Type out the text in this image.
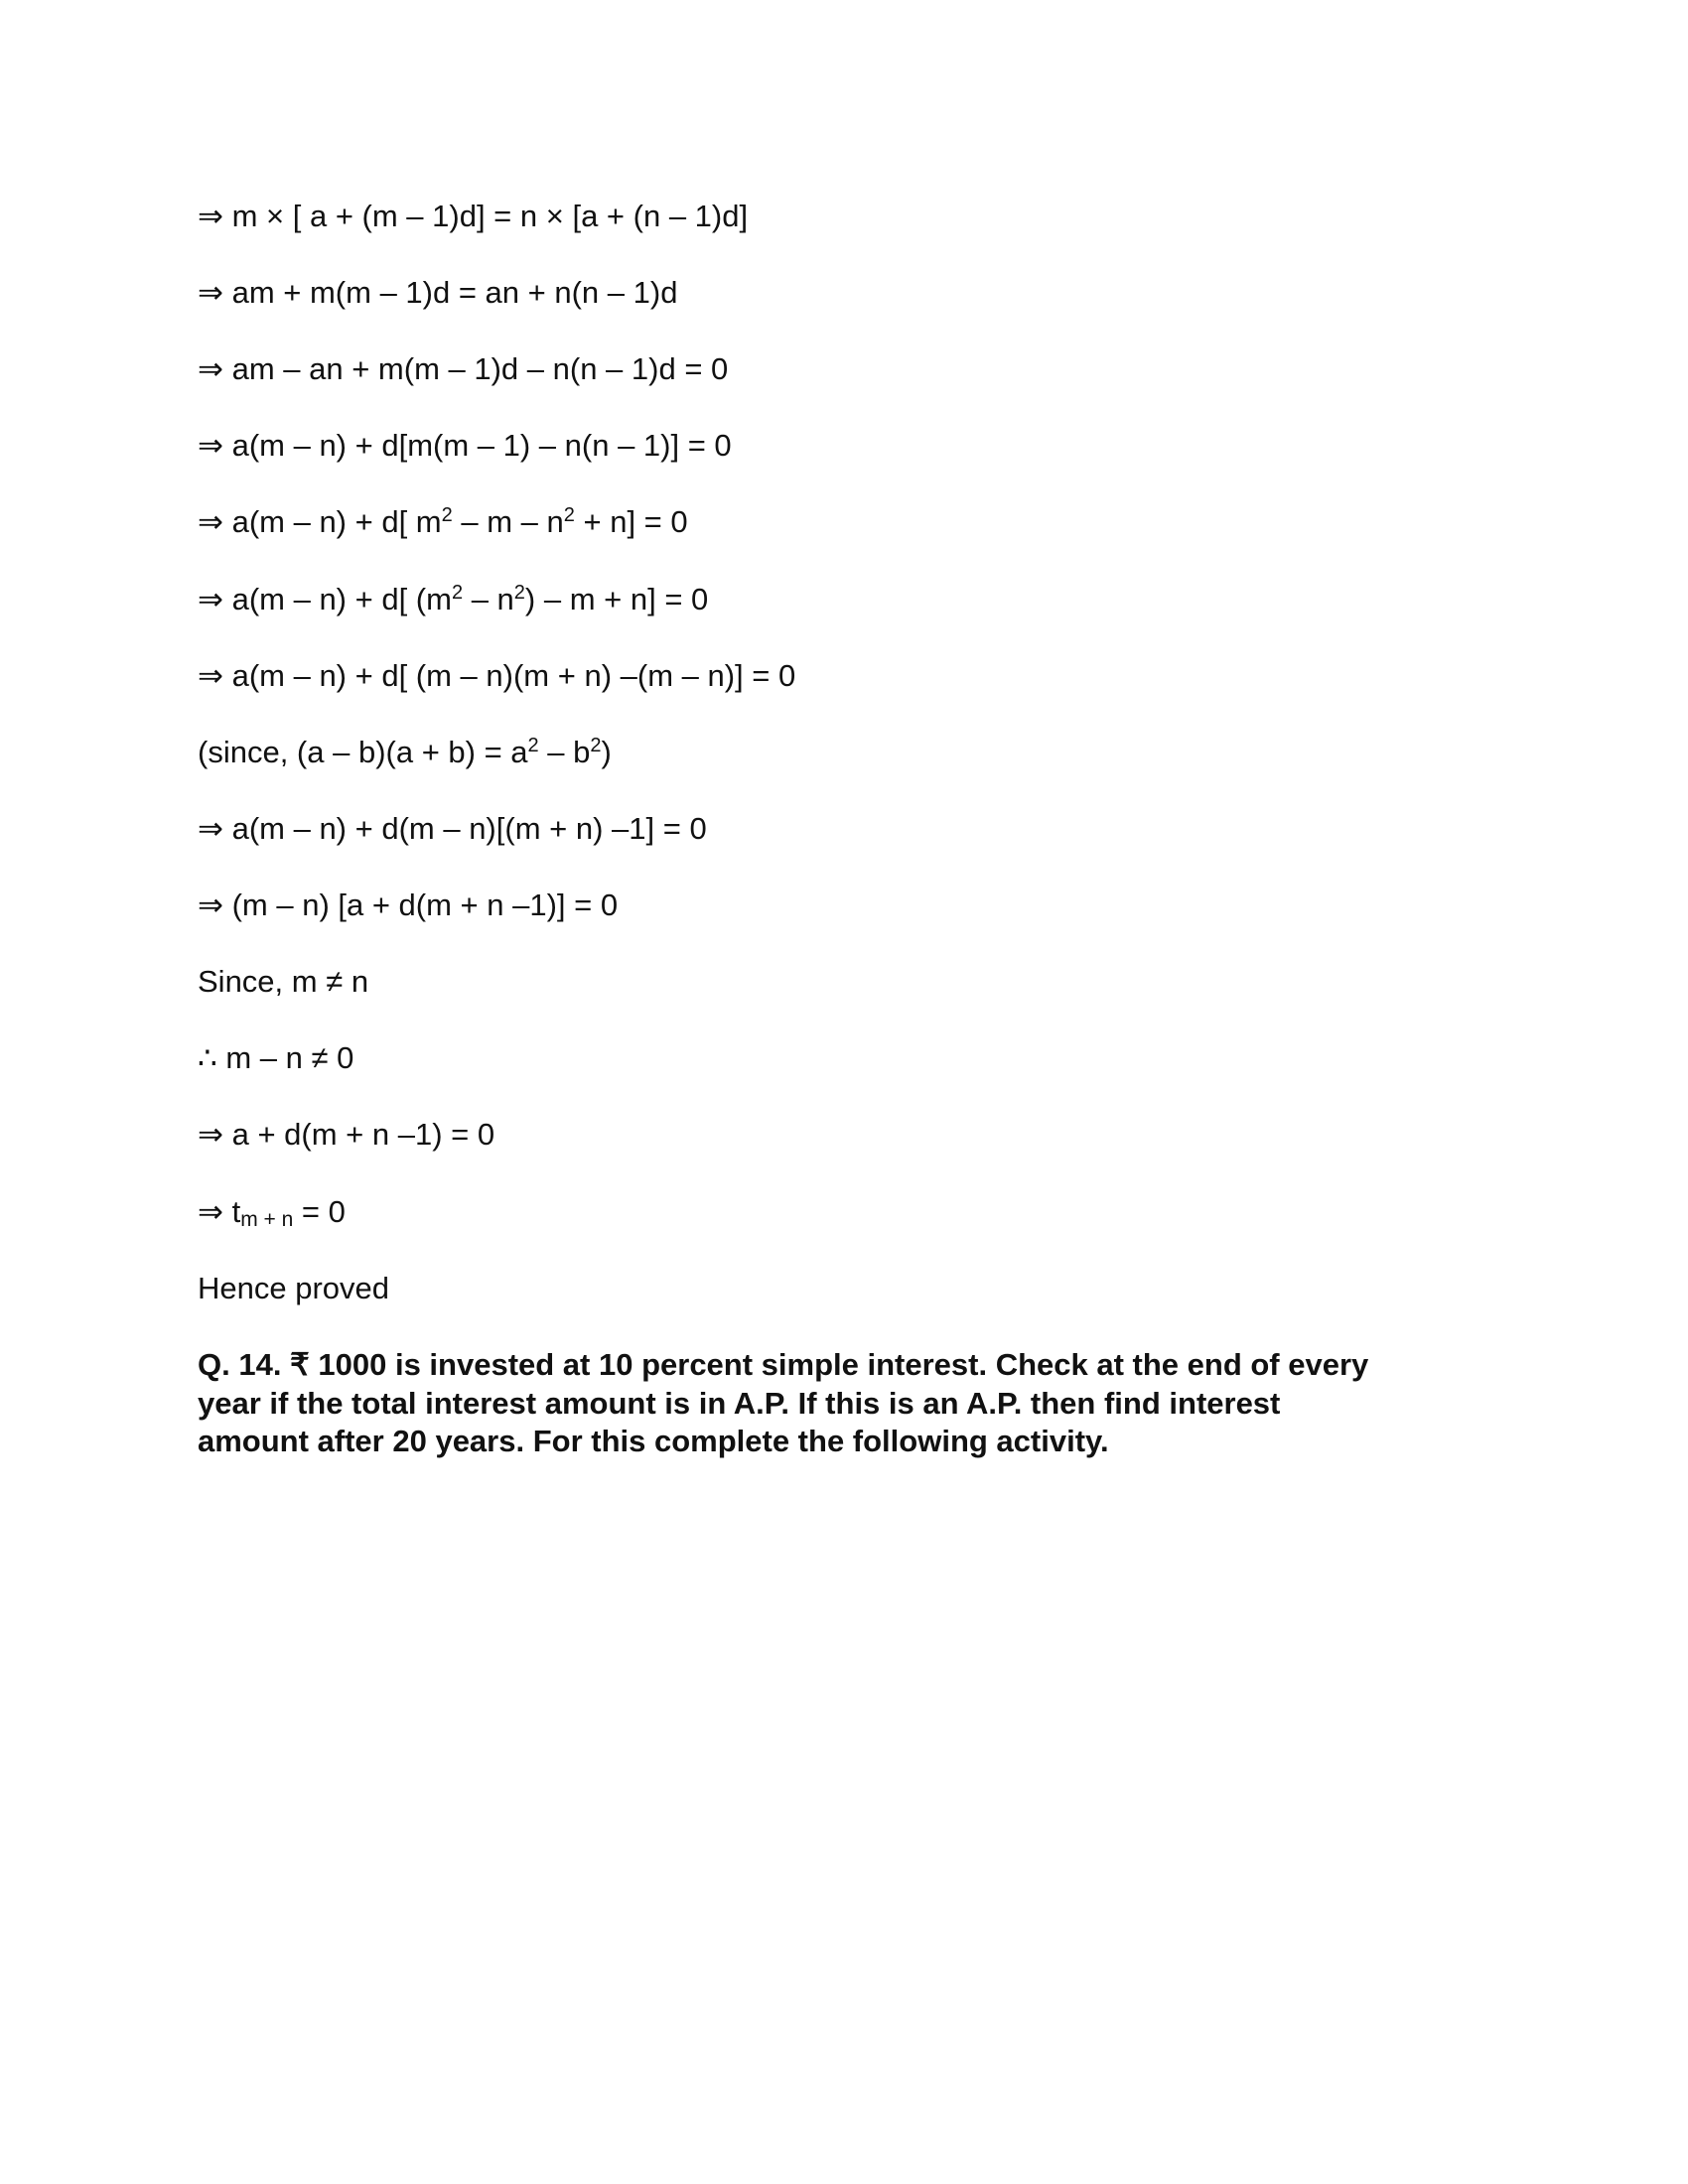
⇒ m × [ a + (m – 1)d] = n × [a + (n – 1)d]
⇒ am + m(m – 1)d = an + n(n – 1)d
⇒ am – an + m(m – 1)d – n(n – 1)d = 0
⇒ a(m – n) + d[m(m – 1) – n(n – 1)] = 0
⇒ a(m – n) + d[ $m^2 - m - n^2 + n] = 0$
⇒ a(m – n) + d[ $(m^2 - n^2) - m + n] = 0$
⇒ a(m – n) + d[ (m – n)(m + n) –(m – n)] = 0
(since, $(a - b)(a + b) = a^2 - b^2$)
⇒ a(m – n) + d(m – n)[(m + n) –1] = 0
⇒ (m – n) [a + d(m + n –1)] = 0
Since, m ≠ n
∴ m – n ≠ 0
⇒ a + d(m + n –1) = 0
⇒ tm + n = 0
Hence proved
Q. 14. ₹ 1000 is invested at 10 percent simple interest. Check at the end of every
year if the total interest amount is in A.P. If this is an A.P. then find interest
amount after 20 years. For this complete the following activity.
